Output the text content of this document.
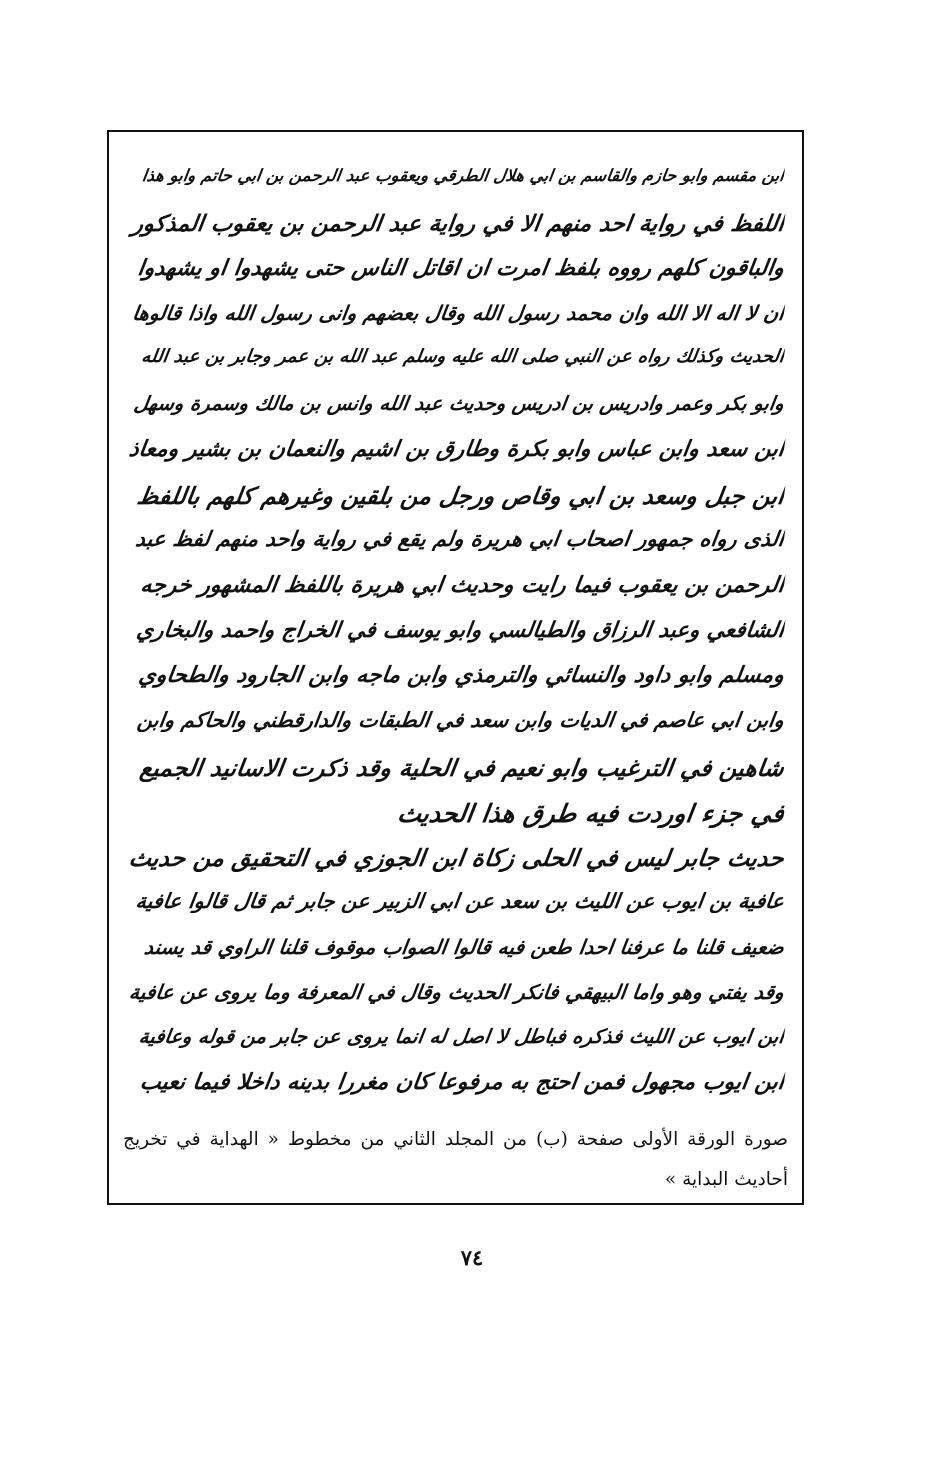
ابن مقسم وابو حازم والقاسم بن ابي هلال الطرقي ويعقوب عبد الرحمن بن ابي حاتم وابو هذا
اللفظ في رواية احد منهم الا في رواية عبد الرحمن بن يعقوب المذكور
والباقون كلهم رووه بلفظ امرت ان اقاتل الناس حتى يشهدوا او يشهدوا
ان لا اله الا الله وان محمد رسول الله وقال بعضهم وانى رسول الله واذا قالوها
الحديث وكذلك رواه عن النبي صلى الله عليه وسلم عبد الله بن عمر وجابر بن عبد الله
وابو بكر وعمر وادريس بن ادريس وحديث عبد الله وانس بن مالك وسمرة وسهل
ابن سعد وابن عباس وابو بكرة وطارق بن اشيم والنعمان بن بشير ومعاذ
ابن جبل وسعد بن ابي وقاص ورجل من بلقين وغيرهم كلهم باللفظ
الذى رواه جمهور اصحاب ابي هريرة ولم يقع في رواية واحد منهم لفظ عبد
الرحمن بن يعقوب فيما رايت وحديث ابي هريرة باللفظ المشهور خرجه
الشافعي وعبد الرزاق والطيالسي وابو يوسف في الخراج واحمد والبخاري
ومسلم وابو داود والنسائي والترمذي وابن ماجه وابن الجارود والطحاوي
وابن ابي عاصم في الديات وابن سعد في الطبقات والدارقطني والحاكم وابن
شاهين في الترغيب وابو نعيم في الحلية وقد ذكرت الاسانيد الجميع
في جزء اوردت فيه طرق هذا الحديث
حديث جابر ليس في الحلى زكاة ابن الجوزي في التحقيق من حديث
عافية بن ايوب عن الليث بن سعد عن ابي الزبير عن جابر ثم قال قالوا عافية
ضعيف قلنا ما عرفنا احدا طعن فيه قالوا الصواب موقوف قلنا الراوي قد يسند
وقد يفتي وهو واما البيهقي فانكر الحديث وقال في المعرفة وما يروى عن عافية
ابن ايوب عن الليث فذكره فباطل لا اصل له انما يروى عن جابر من قوله وعافية
ابن ايوب مجهول فمن احتج به مرفوعا كان مغررا بدينه داخلا فيما نعيب
صورة الورقة الأولى صفحة (ب) من المجلد الثاني من مخطوط « الهداية في تخريج أحاديث البداية »
٧٤
